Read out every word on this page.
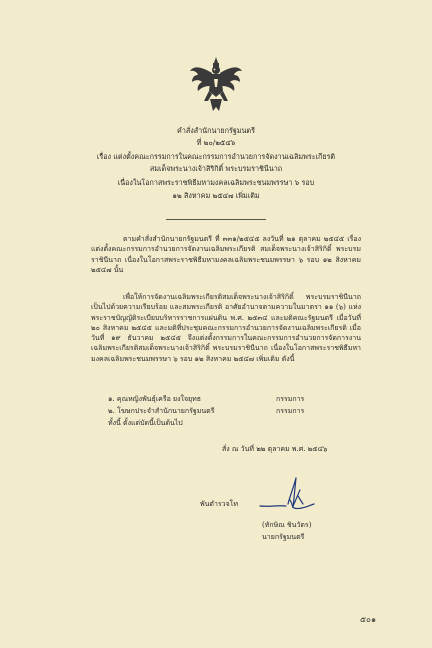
คำสั่งสำนักนายกรัฐมนตรี
ที่ ๒๐/๒๕๔๖
เรื่อง แต่งตั้งคณะกรรมการในคณะกรรมการอำนวยการจัดงานเฉลิมพระเกียรติ
สมเด็จพระนางเจ้าสิริกิติ์ พระบรมราชินีนาถ
เนื่องในโอกาสพระราชพิธีมหามงคลเฉลิมพระชนมพรรษา ๖ รอบ
๑๒ สิงหาคม ๒๕๔๗ เพิ่มเติม
ตามคำสั่งสำนักนายกรัฐมนตรี ที่ ๓๓๑/๒๕๔๕ ลงวันที่ ๒๑ ตุลาคม ๒๕๔๕ เรื่อง แต่งตั้งคณะกรรมการอำนวยการจัดงานเฉลิมพระเกียรติ สมเด็จพระนางเจ้าสิริกิติ์ พระบรมราชินีนาถ เนื่องในโอกาสพระราชพิธีมหามงคลเฉลิมพระชนมพรรษา ๖ รอบ ๑๒ สิงหาคม ๒๕๔๗ นั้น
เพื่อให้การจัดงานเฉลิมพระเกียรติสมเด็จพระนางเจ้าสิริกิติ์ พระบรมราชินีนาถ เป็นไปด้วยความเรียบร้อย และสมพระเกียรติ อาศัยอำนาจตามความในมาตรา ๑๑ (๖) แห่งพระราชบัญญัติระเบียบบริหารราชการแผ่นดิน พ.ศ. ๒๕๓๔ และมติคณะรัฐมนตรี เมื่อวันที่ ๒๐ สิงหาคม ๒๕๔๕ และมติที่ประชุมคณะกรรมการอำนวยการจัดงานเฉลิมพระเกียรติ เมื่อวันที่ ๑๙ ธันวาคม ๒๕๔๕ จึงแต่งตั้งกรรมการในคณะกรรมการอำนวยการจัดการงานเฉลิมพระเกียรติสมเด็จพระนางเจ้าสิริกิติ์ พระบรมราชินีนาถ เนื่องในโอกาสพระราชพิธีมหามงคลเฉลิมพระชนมพรรษา ๖ รอบ ๑๒ สิงหาคม ๒๕๔๗ เพิ่มเติม ดังนี้
๑. คุณหญิงพันธุ์เครือ ยงใจยุทธ	กรรมการ
๒. โฆษกประจำสำนักนายกรัฐมนตรี	กรรมการ
ทั้งนี้ ตั้งแต่บัดนี้เป็นต้นไป
สั่ง ณ วันที่ ๒๒ ตุลาคม พ.ศ. ๒๕๔๖
พันตำรวจโท
(ทักษิณ ชินวัตร)
นายกรัฐมนตรี
๕๐๑
